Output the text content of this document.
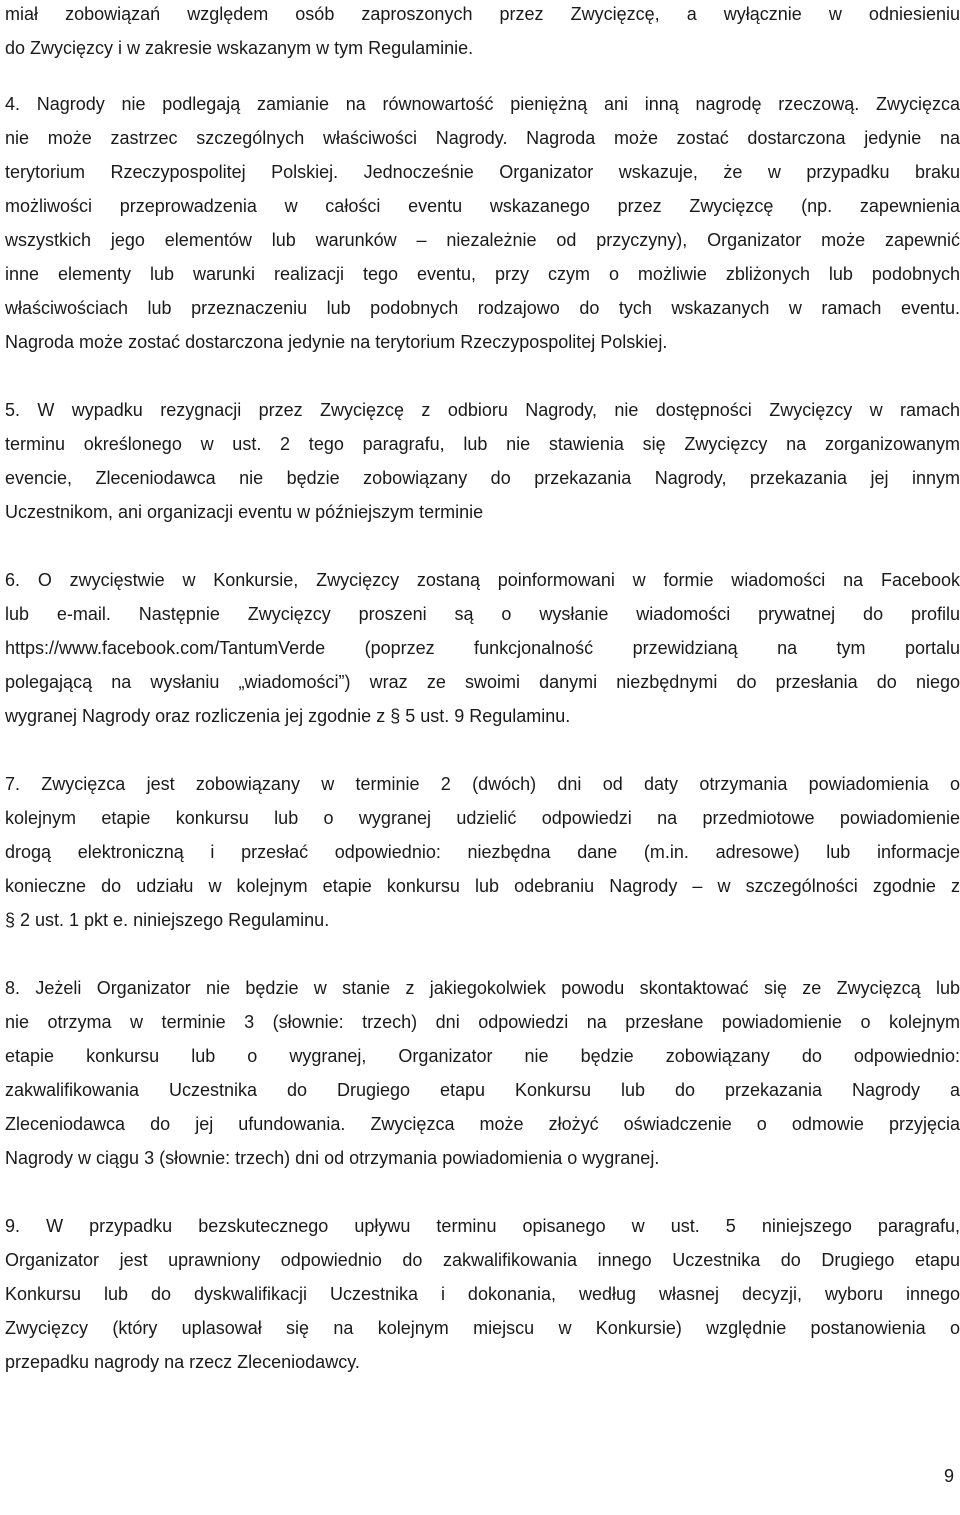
miał zobowiązań względem osób zaproszonych przez Zwycięzcę, a wyłącznie w odniesieniu
do Zwycięzcy i w zakresie wskazanym w tym Regulaminie.

4. Nagrody nie podlegają zamianie na równowartość pieniężną ani inną nagrodę rzeczową. Zwycięzca
nie może zastrzec szczególnych właściwości Nagrody. Nagroda może zostać dostarczona jedynie na
terytorium Rzeczypospolitej Polskiej. Jednocześnie Organizator wskazuje, że w przypadku braku
możliwości przeprowadzenia w całości eventu wskazanego przez Zwycięzcę (np. zapewnienia
wszystkich jego elementów lub warunków – niezależnie od przyczyny), Organizator może zapewnić
inne elementy lub warunki realizacji tego eventu, przy czym o możliwie zbliżonych lub podobnych
właściwościach lub przeznaczeniu lub podobnych rodzajowo do tych wskazanych w ramach eventu.
Nagroda może zostać dostarczona jedynie na terytorium Rzeczypospolitej Polskiej.

5. W wypadku rezygnacji przez Zwycięzcę z odbioru Nagrody, nie dostępności Zwycięzcy w ramach
terminu określonego w ust. 2 tego paragrafu, lub nie stawienia się Zwycięzcy na zorganizowanym
evencie, Zleceniodawca nie będzie zobowiązany do przekazania Nagrody, przekazania jej innym
Uczestnikom, ani organizacji eventu w późniejszym terminie

6. O zwycięstwie w Konkursie, Zwycięzcy zostaną poinformowani w formie wiadomości na Facebook
lub e-mail. Następnie Zwycięzcy proszeni są o wysłanie wiadomości prywatnej do profilu
https://www.facebook.com/TantumVerde (poprzez funkcjonalność przewidzianą na tym portalu
polegającą na wysłaniu „wiadomości”) wraz ze swoimi danymi niezbędnymi do przesłania do niego
wygranej Nagrody oraz rozliczenia jej zgodnie z § 5 ust. 9 Regulaminu.

7. Zwycięzca jest zobowiązany w terminie 2 (dwóch) dni od daty otrzymania powiadomienia o
kolejnym etapie konkursu lub o wygranej udzielić odpowiedzi na przedmiotowe powiadomienie
drogą elektroniczną i przesłać odpowiednio: niezbędna dane (m.in. adresowe) lub informacje
konieczne do udziału w kolejnym etapie konkursu lub odebraniu Nagrody – w szczególności zgodnie z
§ 2 ust. 1 pkt e. niniejszego Regulaminu.

8. Jeżeli Organizator nie będzie w stanie z jakiegokolwiek powodu skontaktować się ze Zwycięzcą lub
nie otrzyma w terminie 3 (słownie: trzech) dni odpowiedzi na przesłane powiadomienie o kolejnym
etapie konkursu lub o wygranej, Organizator nie będzie zobowiązany do odpowiednio:
zakwalifikowania Uczestnika do Drugiego etapu Konkursu lub do przekazania Nagrody a
Zleceniodawca do jej ufundowania. Zwycięzca może złożyć oświadczenie o odmowie przyjęcia
Nagrody w ciągu 3 (słownie: trzech) dni od otrzymania powiadomienia o wygranej.

9. W przypadku bezskutecznego upływu terminu opisanego w ust. 5 niniejszego paragrafu,
Organizator jest uprawniony odpowiednio do zakwalifikowania innego Uczestnika do Drugiego etapu
Konkursu lub do dyskwalifikacji Uczestnika i dokonania, według własnej decyzji, wyboru innego
Zwycięzcy (który uplasował się na kolejnym miejscu w Konkursie) względnie postanowienia o
przepadku nagrody na rzecz Zleceniodawcy.

9
